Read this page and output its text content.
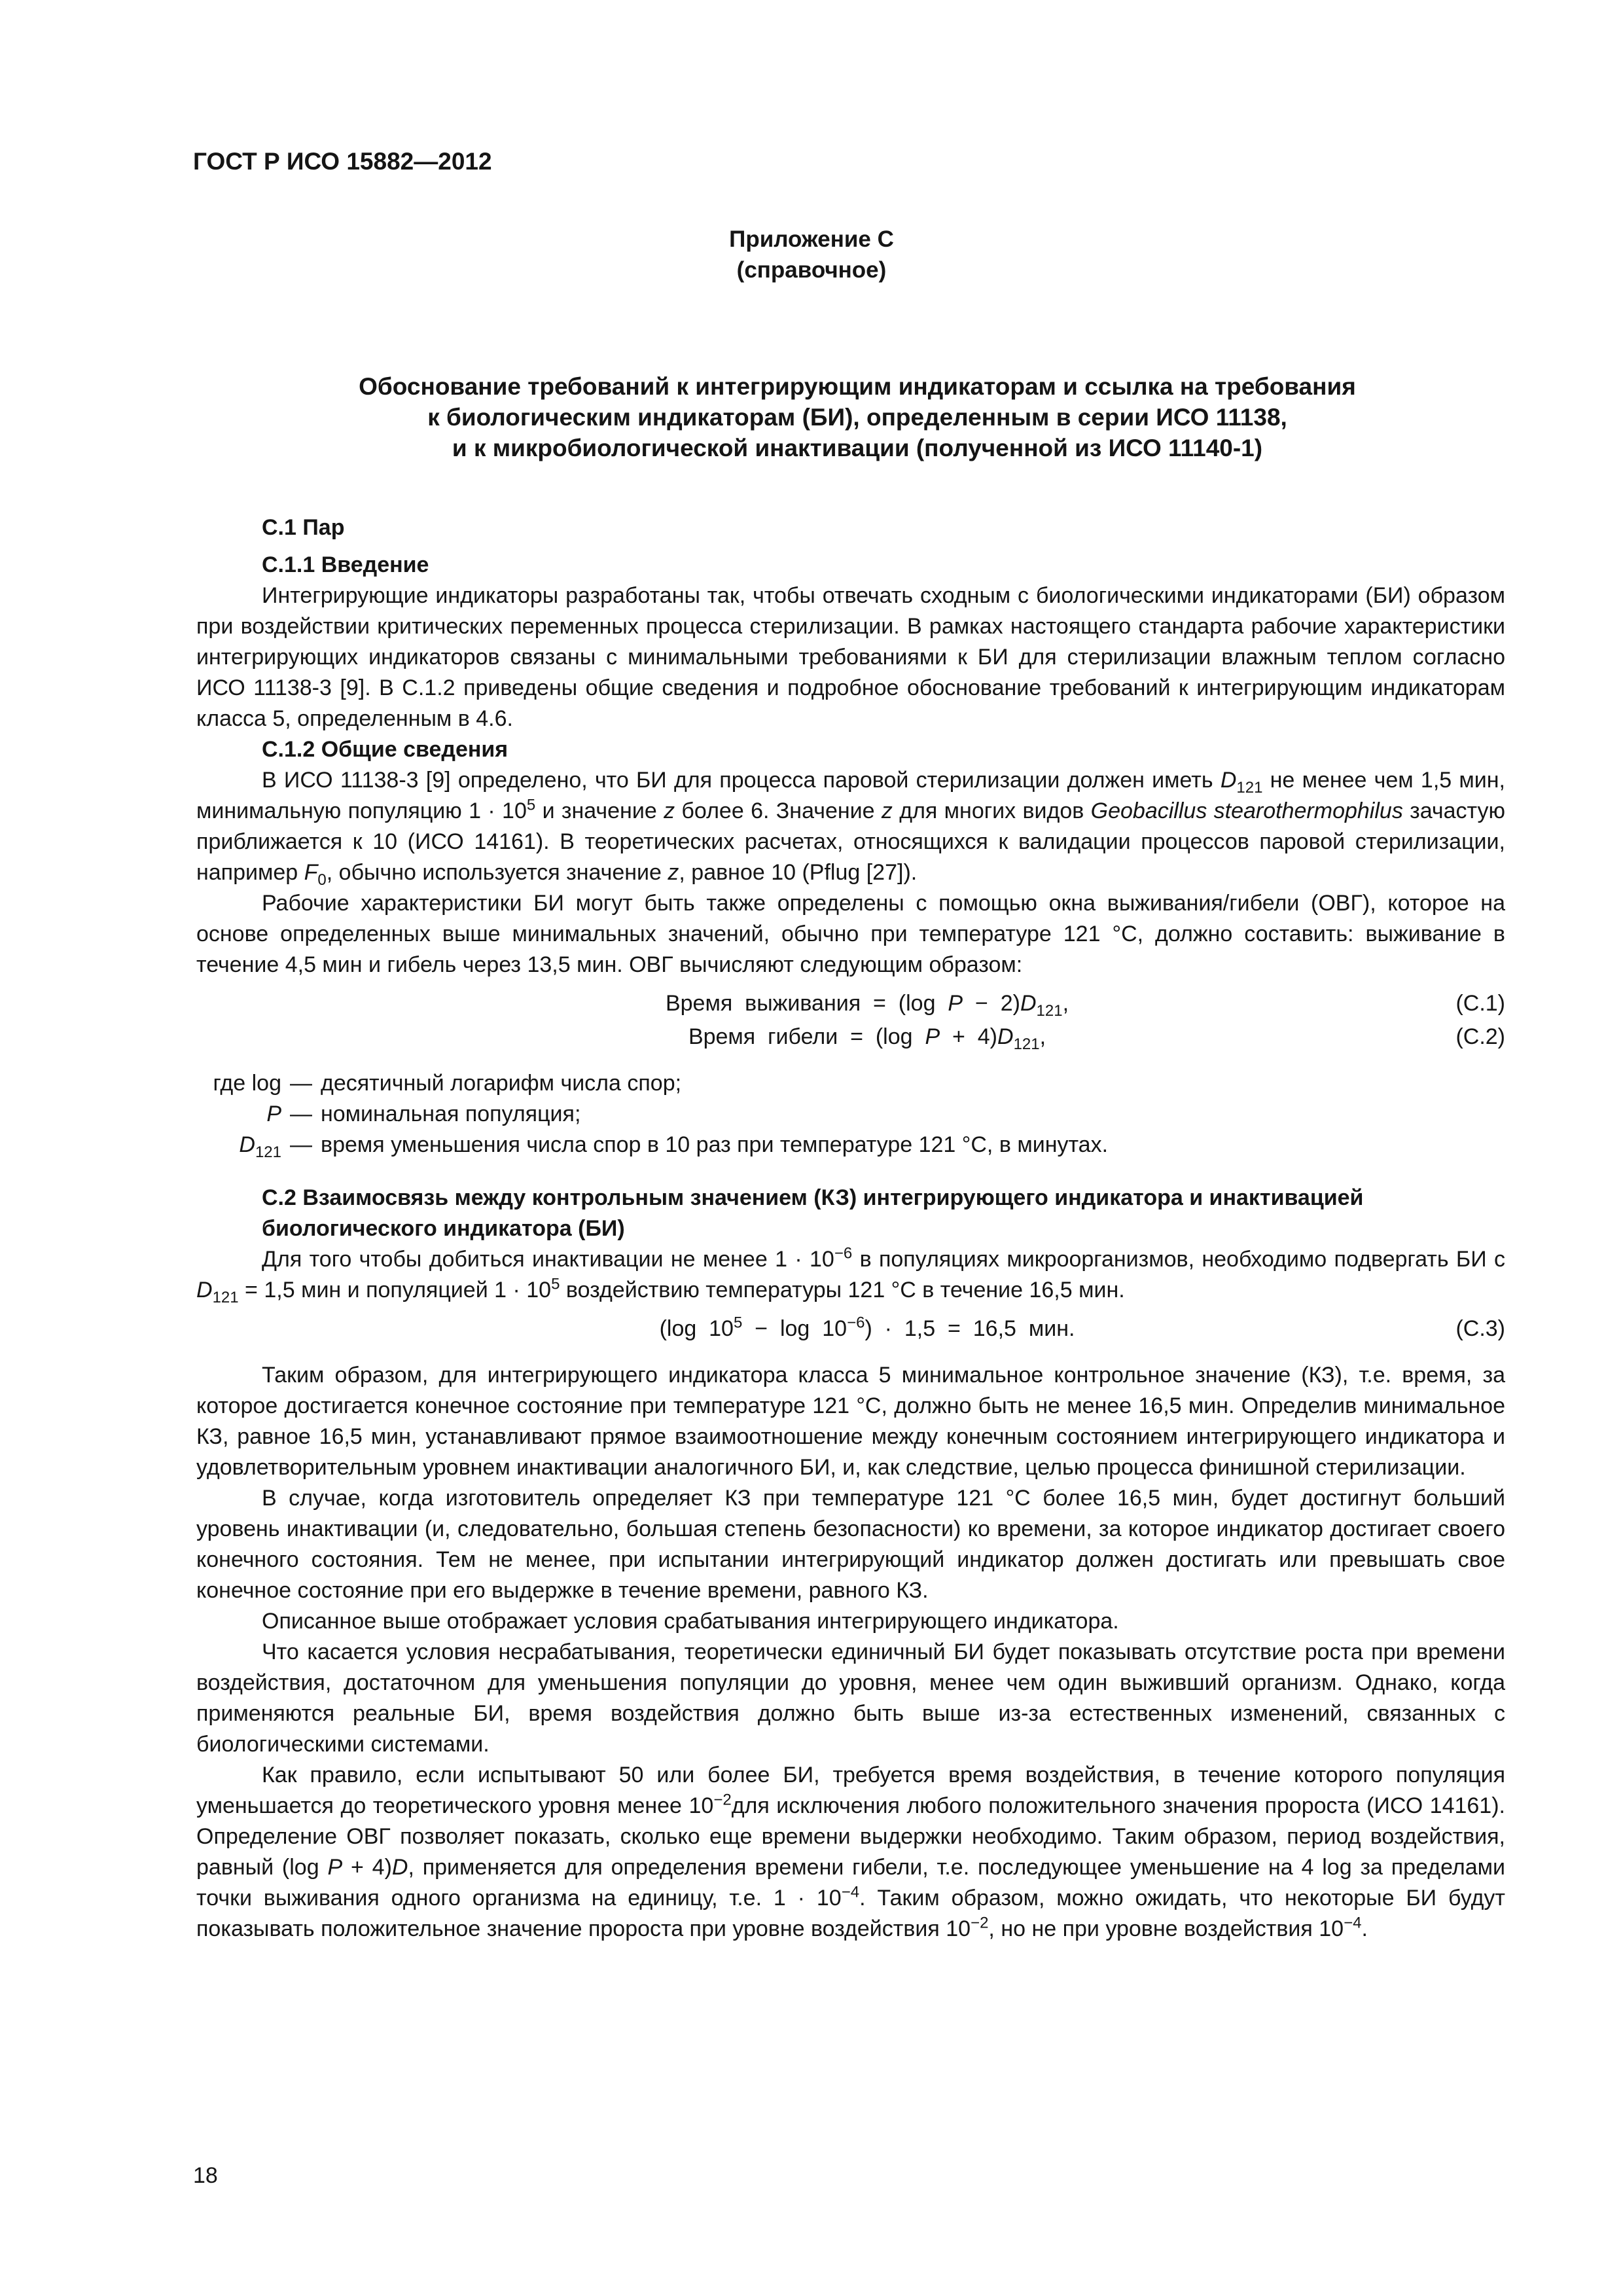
ГОСТ Р ИСО 15882—2012
Приложение С
(справочное)
Обоснование требований к интегрирующим индикаторам и ссылка на требования
к биологическим индикаторам (БИ), определенным в серии ИСО 11138,
и к микробиологической инактивации (полученной из ИСО 11140-1)
С.1 Пар
С.1.1 Введение

Интегрирующие индикаторы разработаны так, чтобы отвечать сходным с биологическими индикаторами (БИ) образом при воздействии критических переменных процесса стерилизации. В рамках настоящего стандарта рабочие характеристики интегрирующих индикаторов связаны с минимальными требованиями к БИ для стерилизации влажным теплом согласно ИСО 11138-3 [9]. В С.1.2 приведены общие сведения и подробное обоснование требований к интегрирующим индикаторам класса 5, определенным в 4.6.

С.1.2 Общие сведения

В ИСО 11138-3 [9] определено, что БИ для процесса паровой стерилизации должен иметь $D_{121}$ не менее чем 1,5 мин, минимальную популяцию $1 \cdot 10^5$ и значение z более 6. Значение z для многих видов Geobacillus stearothermophilus зачастую приближается к 10 (ИСО 14161). В теоретических расчетах, относящихся к валидации процессов паровой стерилизации, например $F_0$, обычно используется значение z, равное 10 (Pflug [27]).

Рабочие характеристики БИ могут быть также определены с помощью окна выживания/гибели (ОВГ), которое на основе определенных выше минимальных значений, обычно при температуре 121 °С, должно составить: выживание в течение 4,5 мин и гибель через 13,5 мин. ОВГ вычисляют следующим образом:

Время  выживания  =  (log  $P - 2)D_{121}$,	(С.1)
Время  гибели  =  (log  $P + 4)D_{121}$,	(С.2)
где log — десятичный логарифм числа спор;
P — номинальная популяция;
$D_{121}$ — время уменьшения числа спор в 10 раз при температуре 121 °С, в минутах.
С.2 Взаимосвязь между контрольным значением (КЗ) интегрирующего индикатора и инактивацией
биологического индикатора (БИ)

Для того чтобы добиться инактивации не менее $1 \cdot 10^{-6}$ в популяциях микроорганизмов, необходимо подвергать БИ с $D_{121} = 1,5$ мин и популяцией $1 \cdot 10^5$ воздействию температуры 121 °С в течение 16,5 мин.

(log  $10^5 - \log 10^{-6}) \cdot 1,5 = 16,5$  мин.	(С.3)

Таким образом, для интегрирующего индикатора класса 5 минимальное контрольное значение (КЗ), т.е. время, за которое достигается конечное состояние при температуре 121 °С, должно быть не менее 16,5 мин. Определив минимальное КЗ, равное 16,5 мин, устанавливают прямое взаимоотношение между конечным состоянием интегрирующего индикатора и удовлетворительным уровнем инактивации аналогичного БИ, и, как следствие, целью процесса финишной стерилизации.

В случае, когда изготовитель определяет КЗ при температуре 121 °С более 16,5 мин, будет достигнут больший уровень инактивации (и, следовательно, большая степень безопасности) ко времени, за которое индикатор достигает своего конечного состояния. Тем не менее, при испытании интегрирующий индикатор должен достигать или превышать свое конечное состояние при его выдержке в течение времени, равного КЗ.

Описанное выше отображает условия срабатывания интегрирующего индикатора.

Что касается условия несрабатывания, теоретически единичный БИ будет показывать отсутствие роста при времени воздействия, достаточном для уменьшения популяции до уровня, менее чем один выживший организм. Однако, когда применяются реальные БИ, время воздействия должно быть выше из-за естественных изменений, связанных с биологическими системами.

Как правило, если испытывают 50 или более БИ, требуется время воздействия, в течение которого популяция уменьшается до теоретического уровня менее $10^{-2}для$ исключения любого положительного значения пророста (ИСО 14161). Определение ОВГ позволяет показать, сколько еще времени выдержки необходимо. Таким образом, период воздействия, равный (log P + 4)D, применяется для определения времени гибели, т.е. последующее уменьшение на 4 log за пределами точки выживания одного организма на единицу, т.е. $1 \cdot 10^{-4}$. Таким образом, можно ожидать, что некоторые БИ будут показывать положительное значение пророста при уровне воздействия $10^{-2}$, но не при уровне воздействия $10^{-4}$.

18
